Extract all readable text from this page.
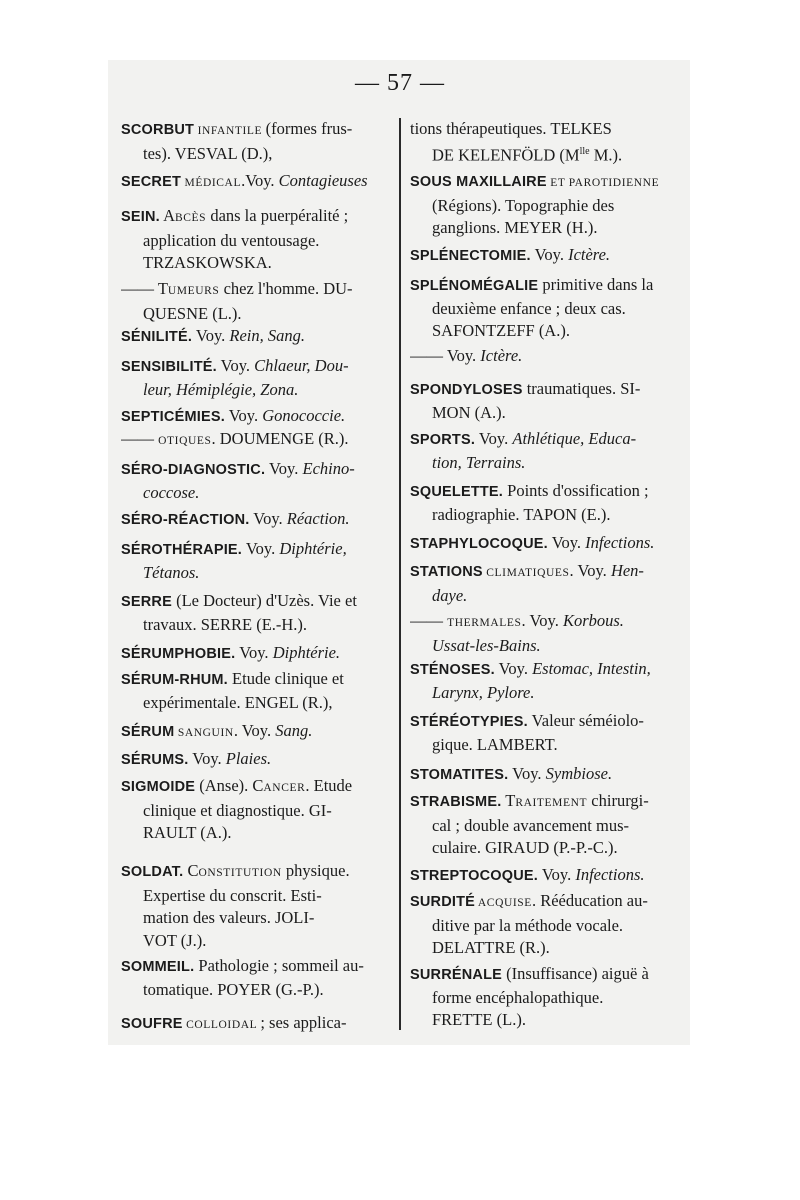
— 57 —
SCORBUT INFANTILE (formes frus-
tes). VESVAL (D.),
SECRET MÉDICAL.Voy. Contagieuses
SEIN. ABCÈS dans la puerpéralité ;
application du ventousage.
TRZASKOWSKA.
—— TUMEURS chez l'homme. DU-
QUESNE (L.).
SÉNILITÉ. Voy. Rein, Sang.
SENSIBILITÉ. Voy. Chlaeur, Dou-
leur, Hémiplégie, Zona.
SEPTICÉMIES. Voy. Gonococcie.
—— OTIQUES. DOUMENGE (R.).
SÉRO-DIAGNOSTIC. Voy. Echino-
coccose.
SÉRO-RÉACTION. Voy. Réaction.
SÉROTHÉRAPIE. Voy. Diphtérie,
Tétanos.
SERRE (Le Docteur) d'Uzès. Vie et
travaux. SERRE (E.-H.).
SÉRUMPHOBIE. Voy. Diphtérie.
SÉRUM-RHUM. Etude clinique et
expérimentale. ENGEL (R.),
SÉRUM SANGUIN. Voy. Sang.
SÉRUMS. Voy. Plaies.
SIGMOIDE (Anse). CANCER. Etude
clinique et diagnostique. GI-
RAULT (A.).
SOLDAT. CONSTITUTION physique.
Expertise du conscrit. Esti-
mation des valeurs. JOLI-
VOT (J.).
SOMMEIL. Pathologie ; sommeil au-
tomatique. POYER (G.-P.).
SOUFRE COLLOIDAL ; ses applica-
tions thérapeutiques. TELKES
DE KELENFÖLD ($M^{lle}$ M.).
SOUS MAXILLAIRE ET PAROTIDIENNE
(Régions). Topographie des
ganglions. MEYER (H.).
SPLÉNECTOMIE. Voy. Ictère.
SPLÉNOMÉGALIE primitive dans la
deuxième enfance ; deux cas.
SAFONTZEFF (A.).
—— Voy. Ictère.
SPONDYLOSES traumatiques. SI-
MON (A.).
SPORTS. Voy. Athlétique, Educa-
tion, Terrains.
SQUELETTE. Points d'ossification ;
radiographie. TAPON (E.).
STAPHYLOCOQUE. Voy. Infections.
STATIONS CLIMATIQUES. Voy. Hen-
daye.
—— THERMALES. Voy. Korbous.
Ussat-les-Bains.
STÉNOSES. Voy. Estomac, Intestin,
Larynx, Pylore.
STÉRÉOTYPIES. Valeur séméiolo-
gique. LAMBERT.
STOMATITES. Voy. Symbiose.
STRABISME. TRAITEMENT chirurgi-
cal ; double avancement mus-
culaire. GIRAUD (P.-P.-C.).
STREPTOCOQUE. Voy. Infections.
SURDITÉ ACQUISE. Rééducation au-
ditive par la méthode vocale.
DELATTRE (R.).
SURRÉNALE (Insuffisance) aiguë à
forme encéphalopathique.
FRETTE (L.).
